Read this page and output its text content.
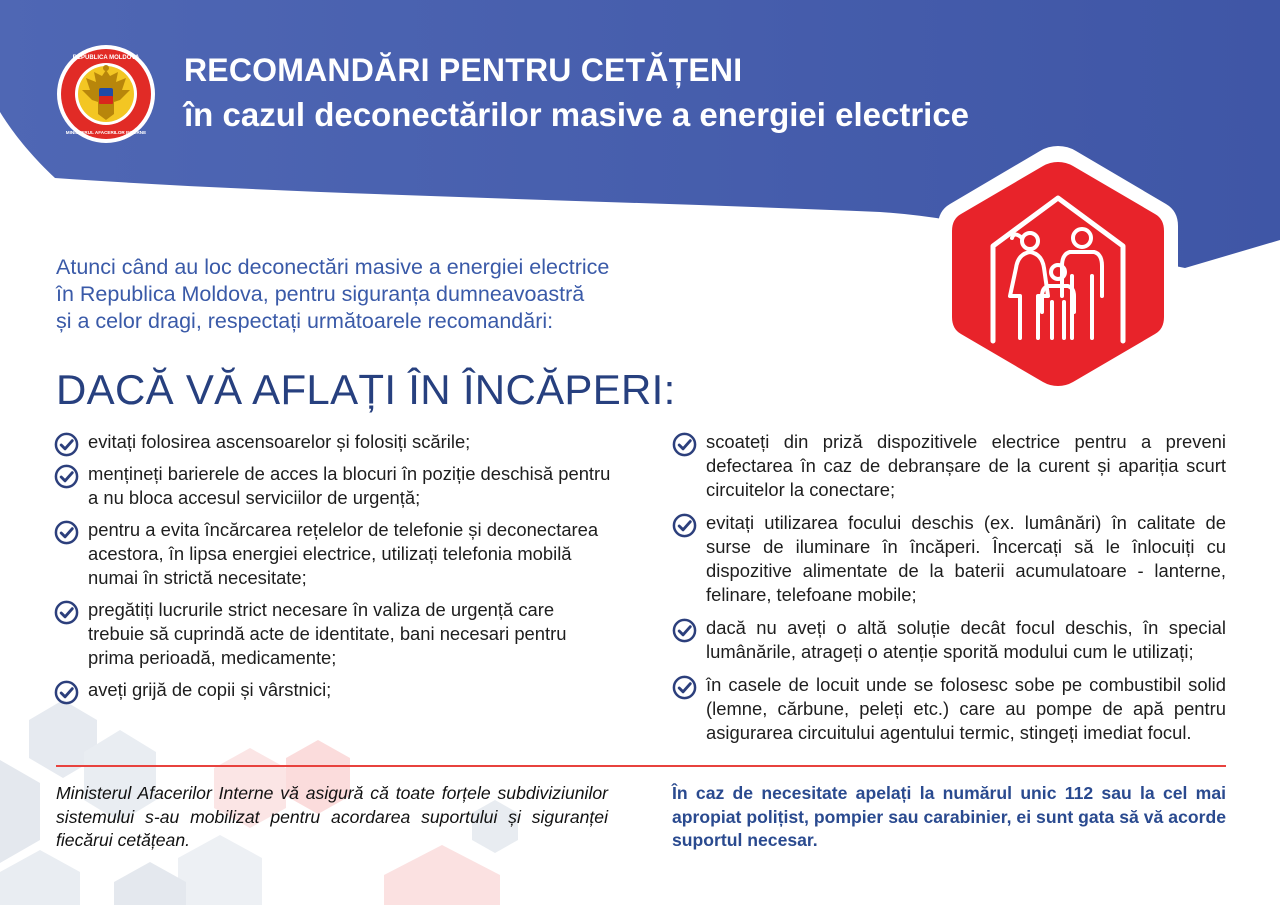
REPUBLICA MOLDOVA
MINISTERUL AFACERILOR INTERNE
RECOMANDĂRI PENTRU CETĂȚENI
în cazul deconectărilor masive a energiei electrice
Atunci când au loc deconectări masive a energiei electrice
în Republica Moldova, pentru siguranța dumneavoastră
și a celor dragi, respectați următoarele recomandări:
DACĂ VĂ AFLAȚI ÎN ÎNCĂPERI:
evitați folosirea ascensoarelor și folosiți scările;
mențineți barierele de acces la blocuri în poziție deschisă pentru a nu bloca accesul serviciilor de urgență;
pentru a evita încărcarea rețelelor de telefonie și deconectarea acestora, în lipsa energiei electrice, utilizați telefonia mobilă numai în strictă necesitate;
pregătiți lucrurile strict necesare în valiza de urgență care trebuie să cuprindă acte de identitate, bani necesari pentru prima perioadă, medicamente;
aveți grijă de copii și vârstnici;
scoateți din priză dispozitivele electrice pentru a preveni defectarea în caz de debranșare de la curent și apariția scurt circuitelor la conectare;
evitați utilizarea focului deschis (ex. lumânări) în calitate de surse de iluminare în încăperi. Încercați să le înlocuiți cu dispozitive alimentate de la baterii acumulatoare - lanterne, felinare, telefoane mobile;
dacă nu aveți o altă soluție decât focul deschis, în special lumânările, atrageți o atenție sporită modului cum le utilizați;
în casele de locuit unde se folosesc sobe pe combustibil solid (lemne, cărbune, peleți etc.) care au pompe de apă pentru asigurarea circuitului agentului termic, stingeți imediat focul.
Ministerul Afacerilor Interne vă asigură că toate forțele subdiviziunilor sistemului s-au mobilizat pentru acordarea suportului și siguranței fiecărui cetățean.
În caz de necesitate apelați la numărul unic 112 sau la cel mai apropiat polițist, pompier sau carabinier, ei sunt gata să vă acorde suportul necesar.
